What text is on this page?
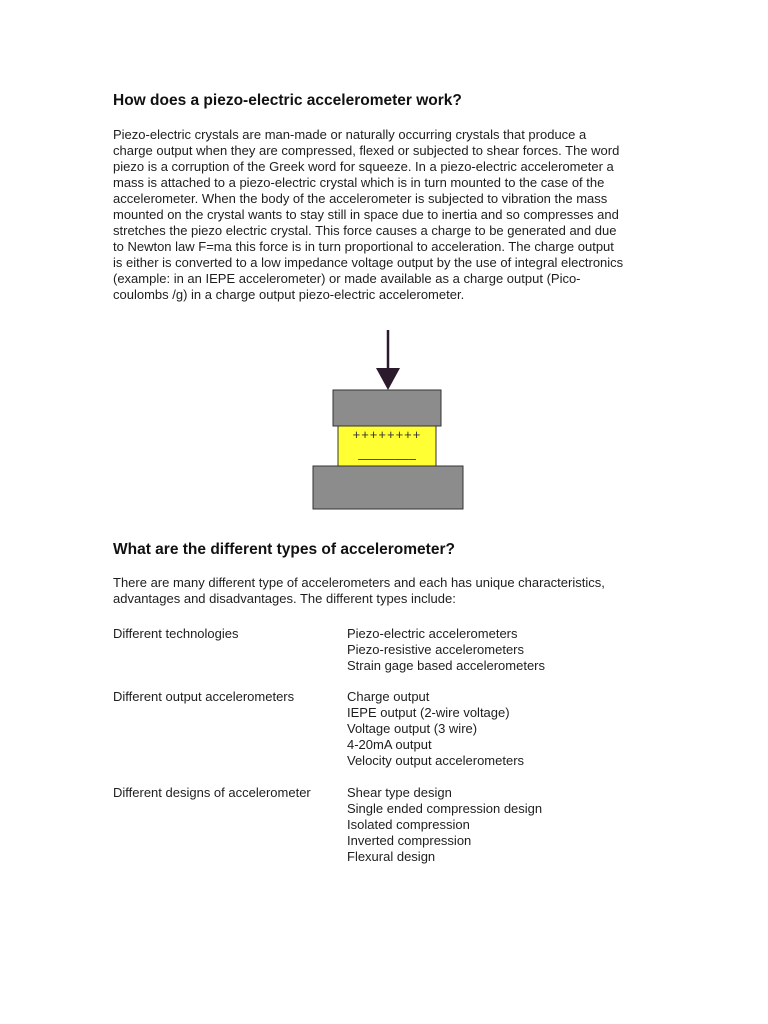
How does a piezo-electric accelerometer work?
Piezo-electric crystals are man-made or naturally occurring crystals that produce a
charge output when they are compressed, flexed or subjected to shear forces. The word
piezo is a corruption of the Greek word for squeeze. In a piezo-electric accelerometer a
mass is attached to a piezo-electric crystal which is in turn mounted to the case of the
accelerometer. When the body of the accelerometer is subjected to vibration the mass
mounted on the crystal wants to stay still in space due to inertia and so compresses and
stretches the piezo electric crystal. This force causes a charge to be generated and due
to Newton law F=ma this force is in turn proportional to acceleration. The charge output
is either is converted to a low impedance voltage output by the use of integral electronics
(example: in an IEPE accelerometer) or made available as a charge output (Pico-
coulombs /g) in a charge output piezo-electric accelerometer.
++++++++
––––––––
What are the different types of accelerometer?
There are many different type of accelerometers and each has unique characteristics,
advantages and disadvantages. The different types include:
Different technologies	Piezo-electric accelerometers
Piezo-resistive accelerometers
Strain gage based accelerometers
Different output accelerometers	Charge output
IEPE output (2-wire voltage)
Voltage output (3 wire)
4-20mA output
Velocity output accelerometers
Different designs of accelerometer	Shear type design
Single ended compression design
Isolated compression
Inverted compression
Flexural design
